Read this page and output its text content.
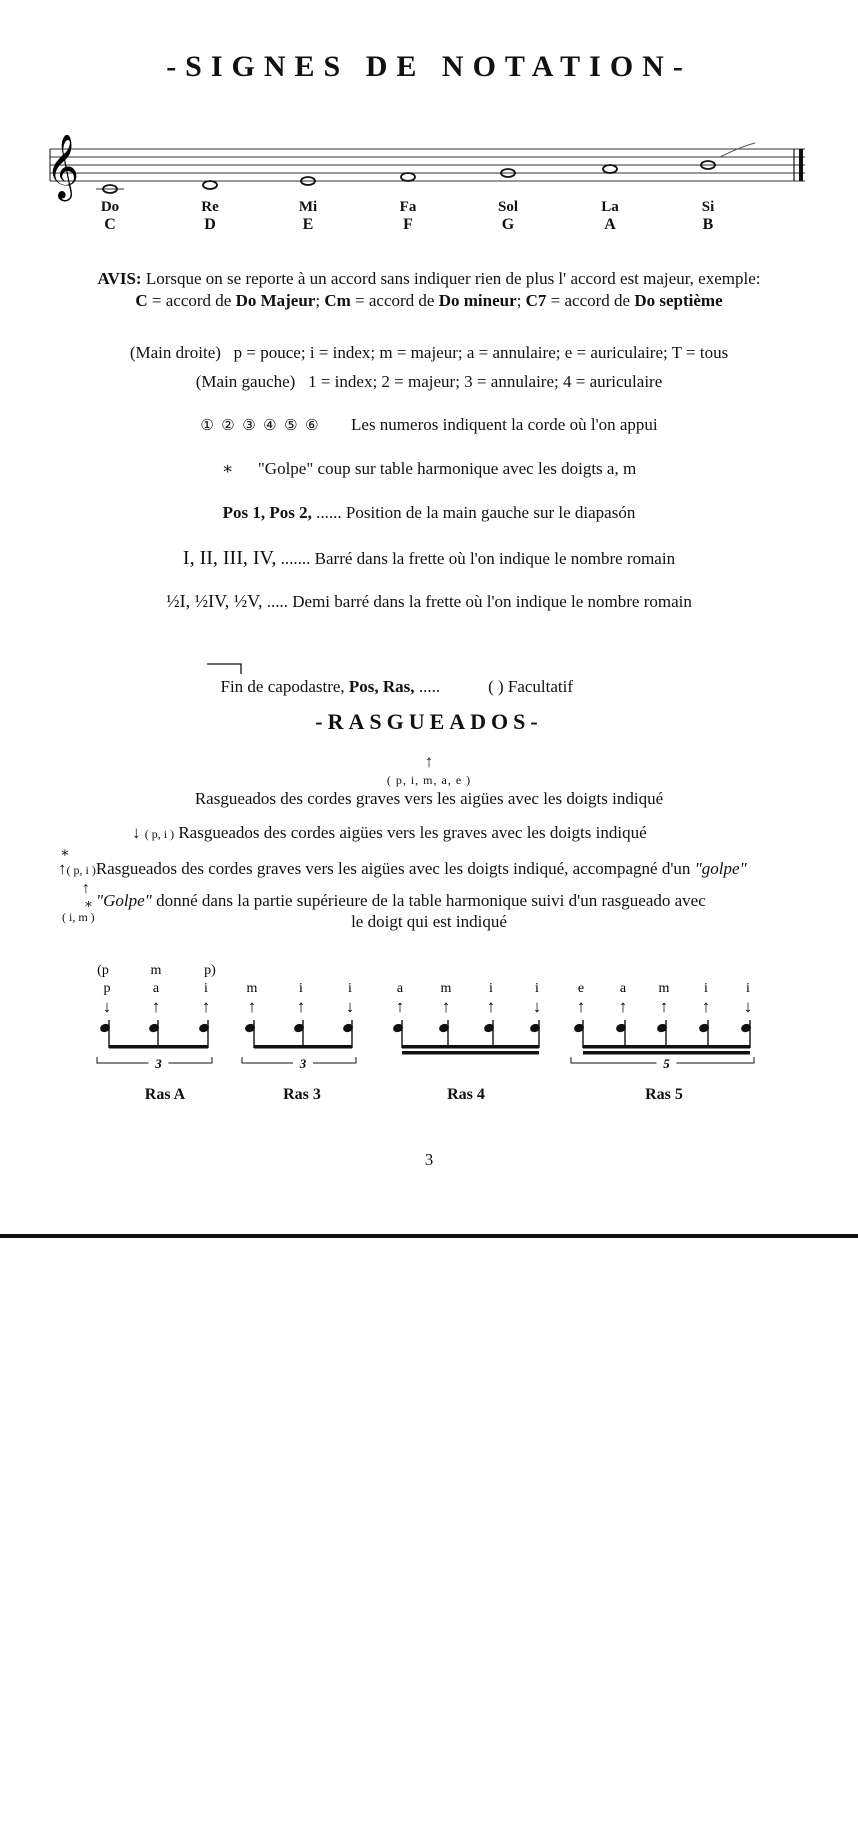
-SIGNES DE NOTATION-
𝄞
Do
C
Re
D
Mi
E
Fa
F
Sol
G
La
A
Si
B
AVIS: Lorsque on se reporte à un accord sans indiquer rien de plus l' accord est majeur, exemple:
C = accord de Do Majeur; Cm = accord de Do mineur; C7 = accord de Do septième
(Main droite)   p = pouce; i = index; m = majeur; a = annulaire; e = auriculaire; T = tous
(Main gauche)   1 = index; 2 = majeur; 3 = annulaire; 4 = auriculaire
①  ②  ③  ④  ⑤  ⑥ Les numeros indiquent la corde où l'on appui
∗ "Golpe" coup sur table harmonique avec les doigts a, m
Pos 1, Pos 2, ...... Position de la main gauche sur le diapasón
I, II, III, IV, ....... Barré dans la frette où l'on indique le nombre romain
½I, ½IV, ½V, ..... Demi barré dans la frette où l'on indique le nombre romain

Fin de capodastre, Pos, Ras, .....	( ) Facultatif

-RASGUEADOS-
↑
( p, i, m, a, e )
Rasgueados des cordes graves vers les aigües avec les doigts indiqué
↓ ( p, i ) Rasgueados des cordes aigües vers les graves avec les doigts indiqué
∗
↑( p, i )Rasgueados des cordes graves vers les aigües avec les doigts indiqué, accompagné d'un "golpe"
↑
∗
( i, m )
"Golpe" donné dans la partie supérieure de la table harmonique suivi d'un rasgueado avec
le doigt qui est indiqué
p
↓
(p
a
↑
m
i
↑
p)
3
m
↑
i
↑
i
↓
3
a
↑
m
↑
i
↑
i
↓
e
↑
a
↑
m
↑
i
↑
i
↓
5
Ras A	Ras 3	Ras 4	Ras 5
3
